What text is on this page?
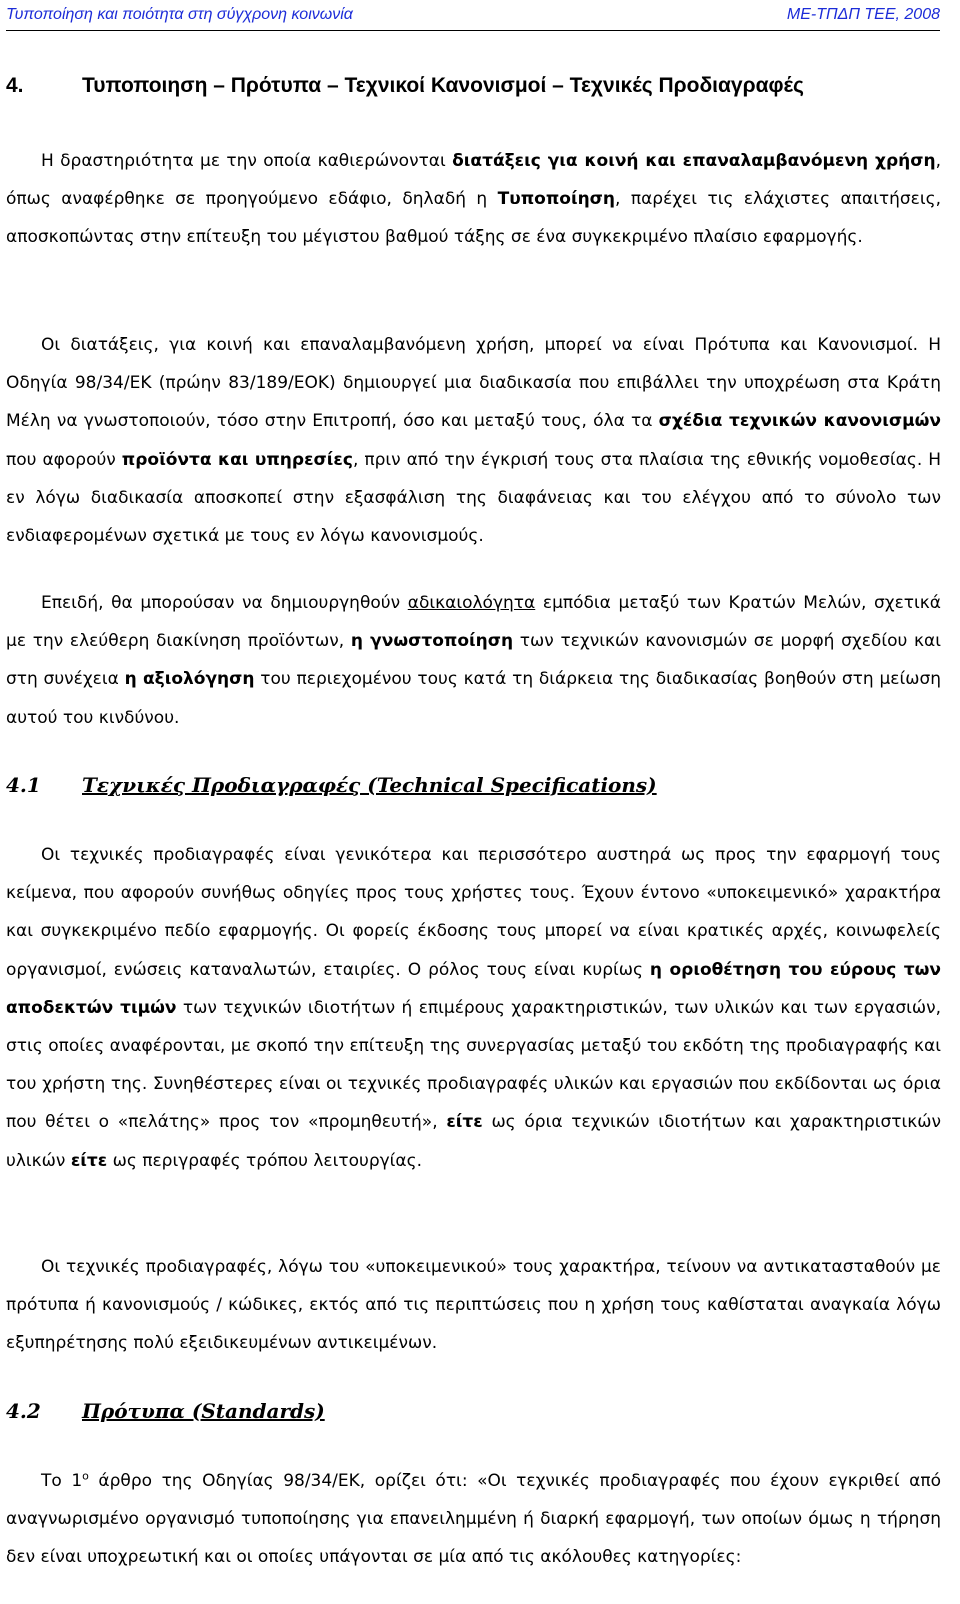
Τυποποίηση και ποιότητα στη σύγχρονη κοινωνία	ΜΕ-ΤΠΔΠ ΤΕΕ, 2008
4.	Τυποποιηση – Πρότυπα – Τεχνικοί Κανονισμοί – Τεχνικές Προδιαγραφές

Η δραστηριότητα με την οποία καθιερώνονται διατάξεις για κοινή και επαναλαμβανόμενη χρήση, όπως αναφέρθηκε σε προηγούμενο εδάφιο, δηλαδή η Τυποποίηση, παρέχει τις ελάχιστες απαιτήσεις, αποσκοπώντας στην επίτευξη του μέγιστου βαθμού τάξης σε ένα συγκεκριμένο πλαίσιο εφαρμογής.

Οι διατάξεις, για κοινή και επαναλαμβανόμενη χρήση, μπορεί να είναι Πρότυπα και Κανονισμοί. Η Οδηγία 98/34/ΕΚ (πρώην 83/189/ΕΟΚ) δημιουργεί μια διαδικασία που επιβάλλει την υποχρέωση στα Κράτη Μέλη να γνωστοποιούν, τόσο στην Επιτροπή, όσο και μεταξύ τους, όλα τα σχέδια τεχνικών κανονισμών που αφορούν προϊόντα και υπηρεσίες, πριν από την έγκρισή τους στα πλαίσια της εθνικής νομοθεσίας. Η εν λόγω διαδικασία αποσκοπεί στην εξασφάλιση της διαφάνειας και του ελέγχου από το σύνολο των ενδιαφερομένων σχετικά με τους εν λόγω κανονισμούς.

Επειδή, θα μπορούσαν να δημιουργηθούν αδικαιολόγητα εμπόδια μεταξύ των Κρατών Μελών, σχετικά με την ελεύθερη διακίνηση προϊόντων, η γνωστοποίηση των τεχνικών κανονισμών σε μορφή σχεδίου και στη συνέχεια η αξιολόγηση του περιεχομένου τους κατά τη διάρκεια της διαδικασίας βοηθούν στη μείωση αυτού του κινδύνου.

4.1 Τεχνικές Προδιαγραφές (Technical Specifications)

Οι τεχνικές προδιαγραφές είναι γενικότερα και περισσότερο αυστηρά ως προς την εφαρμογή τους κείμενα, που αφορούν συνήθως οδηγίες προς τους χρήστες τους. Έχουν έντονο «υποκειμενικό» χαρακτήρα και συγκεκριμένο πεδίο εφαρμογής. Οι φορείς έκδοσης τους μπορεί να είναι κρατικές αρχές, κοινωφελείς οργανισμοί, ενώσεις καταναλωτών, εταιρίες. Ο ρόλος τους είναι κυρίως η οριοθέτηση του εύρους των αποδεκτών τιμών των τεχνικών ιδιοτήτων ή επιμέρους χαρακτηριστικών, των υλικών και των εργασιών, στις οποίες αναφέρονται, με σκοπό την επίτευξη της συνεργασίας μεταξύ του εκδότη της προδιαγραφής και του χρήστη της. Συνηθέστερες είναι οι τεχνικές προδιαγραφές υλικών και εργασιών που εκδίδονται ως όρια που θέτει ο «πελάτης» προς τον «προμηθευτή», είτε ως όρια τεχνικών ιδιοτήτων και χαρακτηριστικών υλικών είτε ως περιγραφές τρόπου λειτουργίας.

Οι τεχνικές προδιαγραφές, λόγω του «υποκειμενικού» τους χαρακτήρα, τείνουν να αντικατασταθούν με πρότυπα ή κανονισμούς / κώδικες, εκτός από τις περιπτώσεις που η χρήση τους καθίσταται αναγκαία λόγω εξυπηρέτησης πολύ εξειδικευμένων αντικειμένων.

4.2 Πρότυπα (Standards)

Το $1^o$ άρθρο της Οδηγίας 98/34/ΕΚ, ορίζει ότι: «Οι τεχνικές προδιαγραφές που έχουν εγκριθεί από αναγνωρισμένο οργανισμό τυποποίησης για επανειλημμένη ή διαρκή εφαρμογή, των οποίων όμως η τήρηση δεν είναι υποχρεωτική και οι οποίες υπάγονται σε μία από τις ακόλουθες κατηγορίες:
